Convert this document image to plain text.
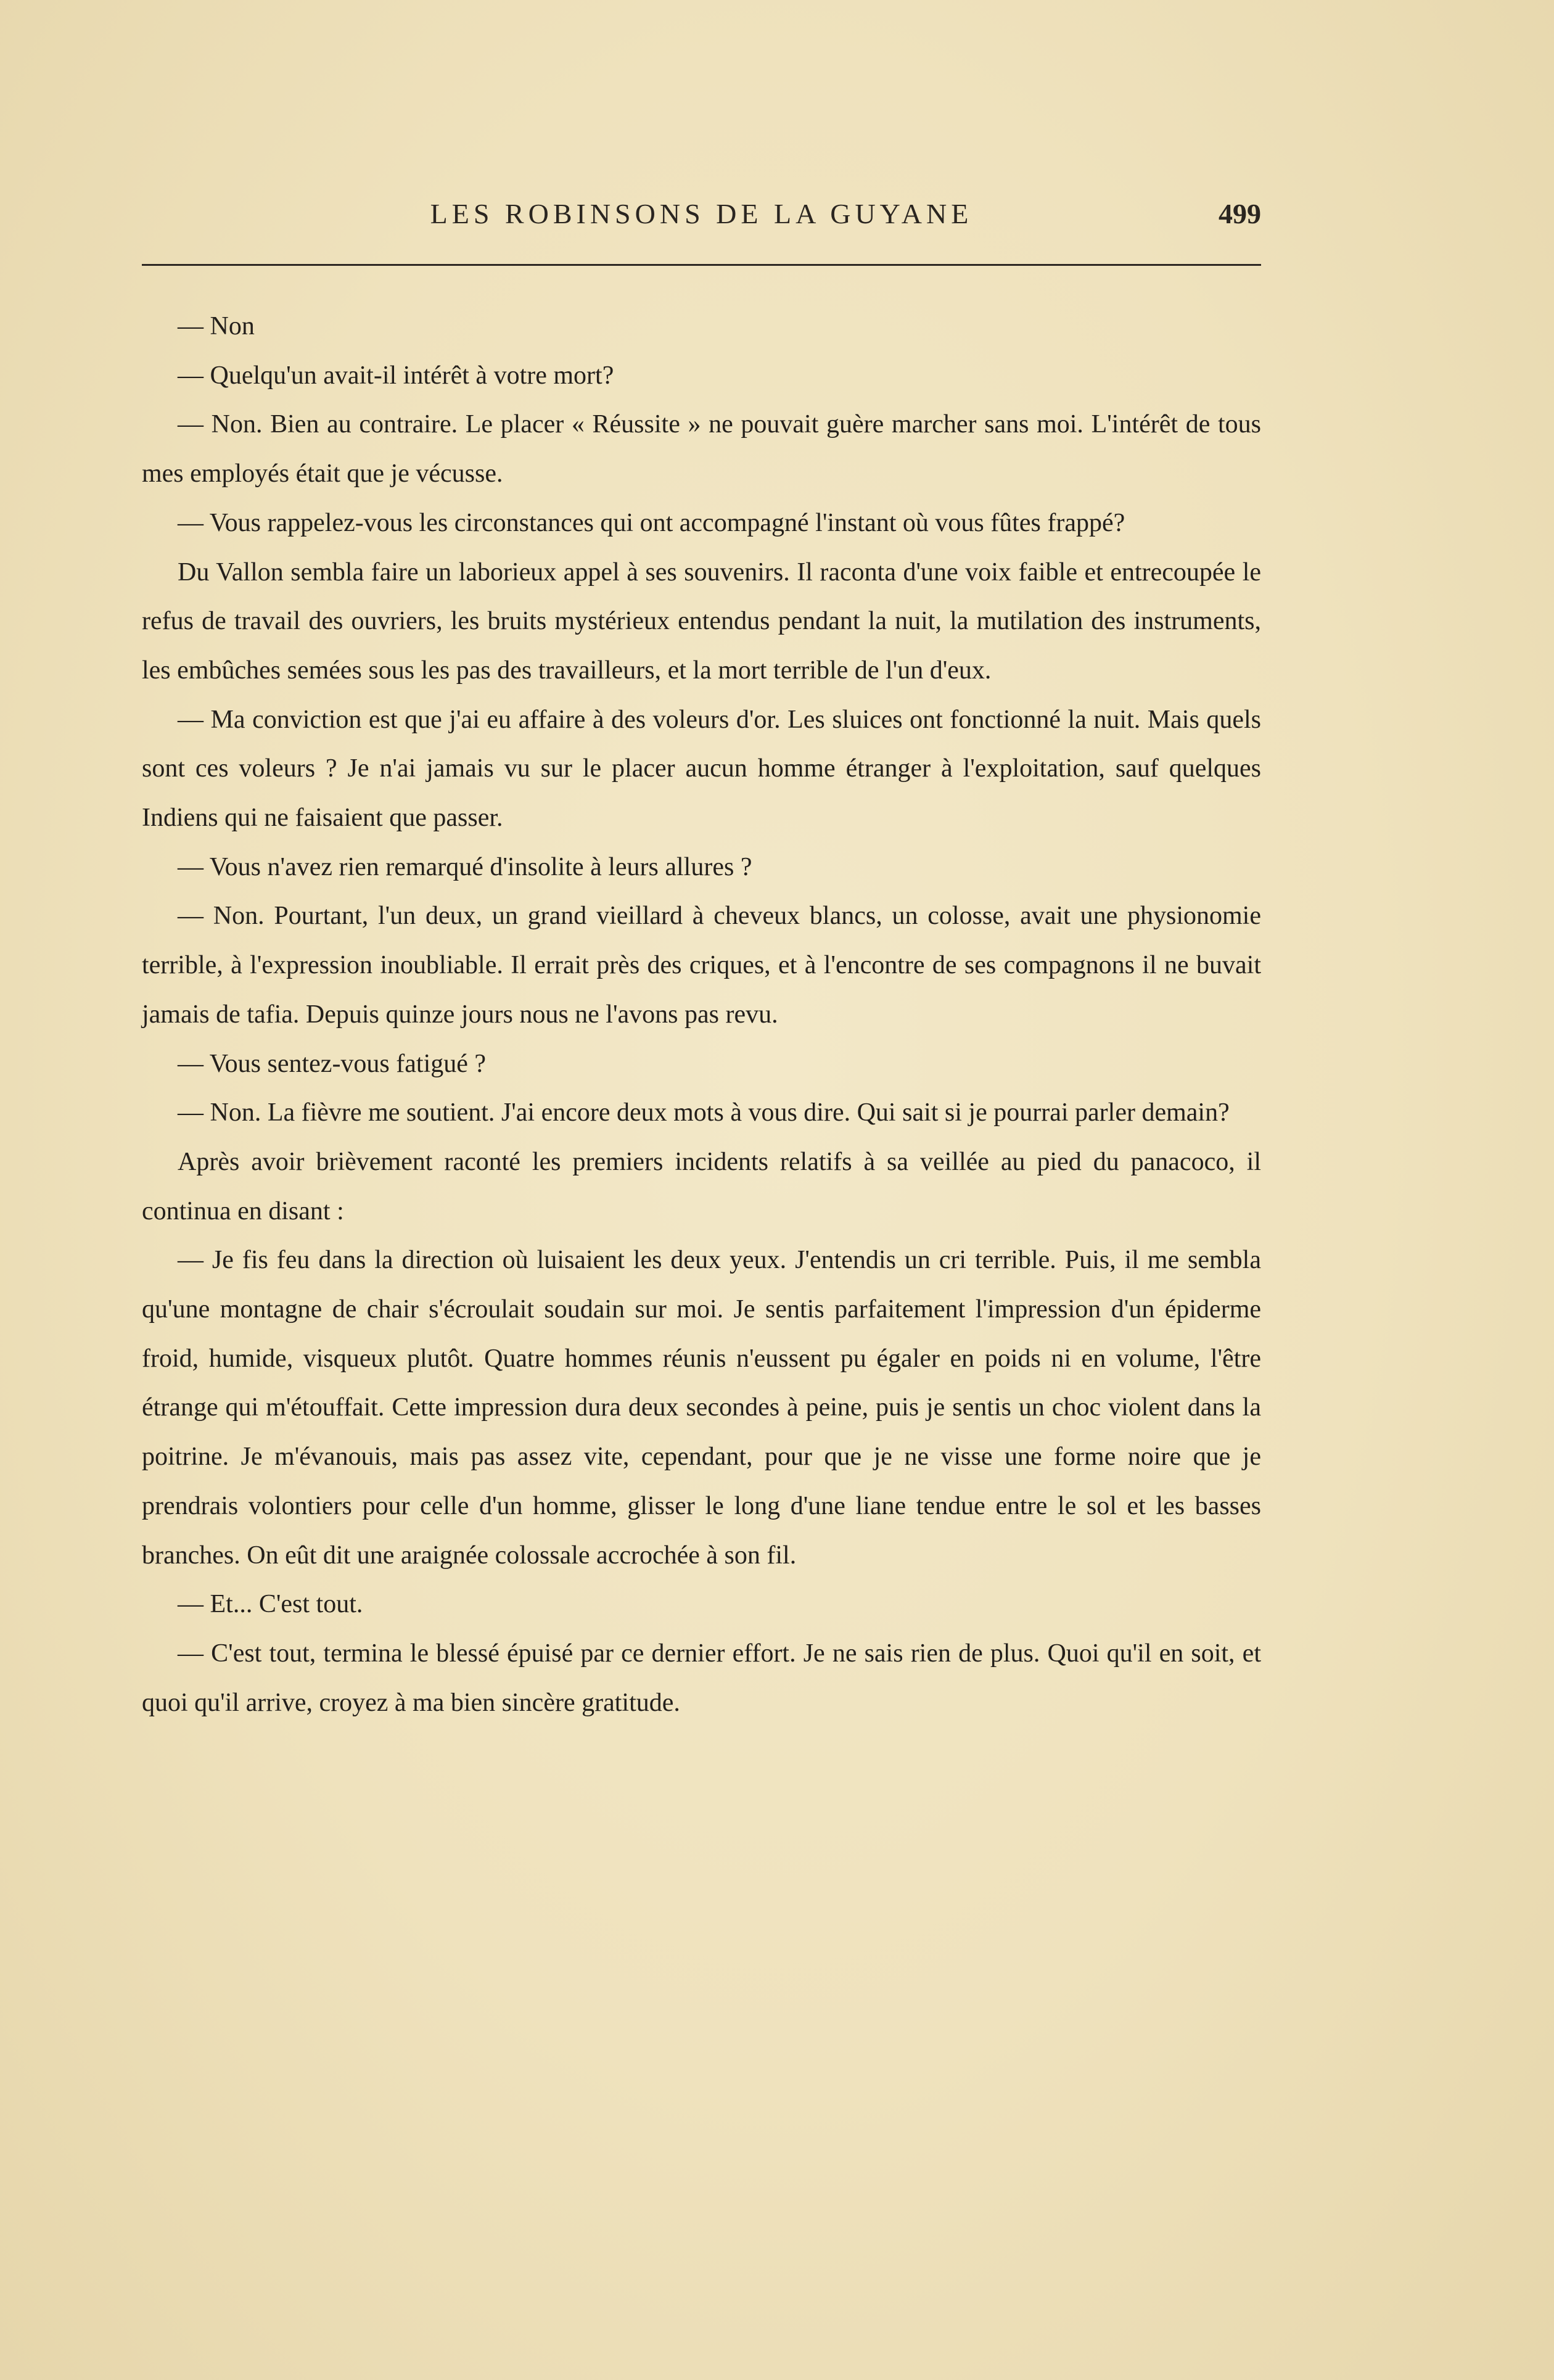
LES ROBINSONS DE LA GUYANE	499

— Non

— Quelqu'un avait-il intérêt à votre mort?

— Non. Bien au contraire. Le placer « Réussite » ne pouvait guère marcher sans moi. L'intérêt de tous mes employés était que je vécusse.

— Vous rappelez-vous les circonstances qui ont accompagné l'instant où vous fûtes frappé?

Du Vallon sembla faire un laborieux appel à ses souvenirs. Il raconta d'une voix faible et entrecoupée le refus de travail des ouvriers, les bruits mystérieux entendus pendant la nuit, la mutilation des instruments, les embûches semées sous les pas des travailleurs, et la mort terrible de l'un d'eux.

— Ma conviction est que j'ai eu affaire à des voleurs d'or. Les sluices ont fonctionné la nuit. Mais quels sont ces voleurs ? Je n'ai jamais vu sur le placer aucun homme étranger à l'exploitation, sauf quelques Indiens qui ne faisaient que passer.

— Vous n'avez rien remarqué d'insolite à leurs allures ?

— Non. Pourtant, l'un deux, un grand vieillard à cheveux blancs, un colosse, avait une physionomie terrible, à l'expression inoubliable. Il errait près des criques, et à l'encontre de ses compagnons il ne buvait jamais de tafia. Depuis quinze jours nous ne l'avons pas revu.

— Vous sentez-vous fatigué ?

— Non. La fièvre me soutient. J'ai encore deux mots à vous dire. Qui sait si je pourrai parler demain?

Après avoir brièvement raconté les premiers incidents relatifs à sa veillée au pied du panacoco, il continua en disant :

— Je fis feu dans la direction où luisaient les deux yeux. J'entendis un cri terrible. Puis, il me sembla qu'une montagne de chair s'écroulait soudain sur moi. Je sentis parfaitement l'impression d'un épiderme froid, humide, visqueux plutôt. Quatre hommes réunis n'eussent pu égaler en poids ni en volume, l'être étrange qui m'étouffait. Cette impression dura deux secondes à peine, puis je sentis un choc violent dans la poitrine. Je m'évanouis, mais pas assez vite, cependant, pour que je ne visse une forme noire que je prendrais volontiers pour celle d'un homme, glisser le long d'une liane tendue entre le sol et les basses branches. On eût dit une araignée colossale accrochée à son fil.

— Et... C'est tout.

— C'est tout, termina le blessé épuisé par ce dernier effort. Je ne sais rien de plus. Quoi qu'il en soit, et quoi qu'il arrive, croyez à ma bien sincère gratitude.
